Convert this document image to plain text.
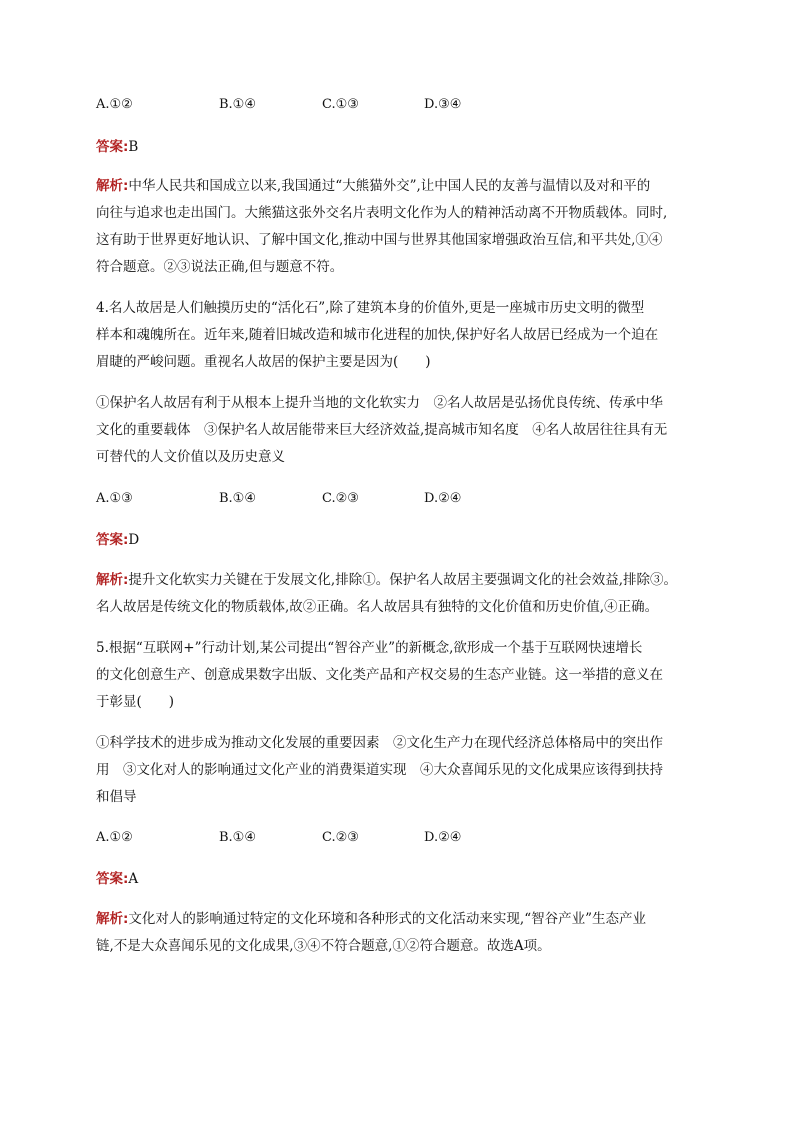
A.①②	B.①④	C.①③	D.③④
答案:B
解析:中华人民共和国成立以来,我国通过“大熊猫外交”,让中国人民的友善与温情以及对和平的
向往与追求也走出国门。大熊猫这张外交名片表明文化作为人的精神活动离不开物质载体。同时,
这有助于世界更好地认识、了解中国文化,推动中国与世界其他国家增强政治互信,和平共处,①④
符合题意。②③说法正确,但与题意不符。
4.名人故居是人们触摸历史的“活化石”,除了建筑本身的价值外,更是一座城市历史文明的微型
样本和魂魄所在。近年来,随着旧城改造和城市化进程的加快,保护好名人故居已经成为一个迫在
眉睫的严峻问题。重视名人故居的保护主要是因为(　　)
①保护名人故居有利于从根本上提升当地的文化软实力　②名人故居是弘扬优良传统、传承中华
文化的重要载体　③保护名人故居能带来巨大经济效益,提高城市知名度　④名人故居往往具有无
可替代的人文价值以及历史意义
A.①③	B.①④	C.②③	D.②④
答案:D
解析:提升文化软实力关键在于发展文化,排除①。保护名人故居主要强调文化的社会效益,排除③。
名人故居是传统文化的物质载体,故②正确。名人故居具有独特的文化价值和历史价值,④正确。
5.根据“互联网+”行动计划,某公司提出“智谷产业”的新概念,欲形成一个基于互联网快速增长
的文化创意生产、创意成果数字出版、文化类产品和产权交易的生态产业链。这一举措的意义在
于彰显(　　)
①科学技术的进步成为推动文化发展的重要因素　②文化生产力在现代经济总体格局中的突出作
用　③文化对人的影响通过文化产业的消费渠道实现　④大众喜闻乐见的文化成果应该得到扶持
和倡导
A.①②	B.①④	C.②③	D.②④
答案:A
解析:文化对人的影响通过特定的文化环境和各种形式的文化活动来实现,“智谷产业”生态产业
链,不是大众喜闻乐见的文化成果,③④不符合题意,①②符合题意。故选A项。
